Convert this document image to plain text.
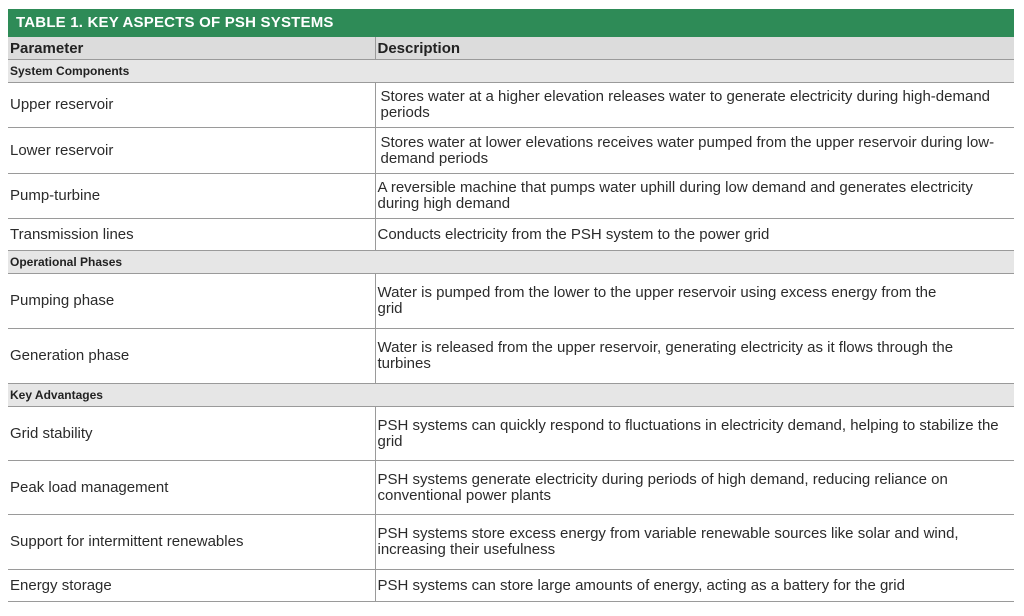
TABLE 1. KEY ASPECTS OF PSH SYSTEMS
Parameter	Description
System Components	
Upper reservoir	Stores water at a higher elevation releases water to generate electricity during high-demand periods
Lower reservoir	Stores water at lower elevations receives water pumped from the upper reservoir during low-demand periods
Pump-turbine	A reversible machine that pumps water uphill during low demand and generates electricity during high demand
Transmission lines	Conducts electricity from the PSH system to the power grid
Operational Phases	
Pumping phase	Water is pumped from the lower to the upper reservoir using excess energy from the grid
Generation phase	Water is released from the upper reservoir, generating electricity as it flows through the turbines
Key Advantages	
Grid stability	PSH systems can quickly respond to fluctuations in electricity demand, helping to stabilize the grid
Peak load management	PSH systems generate electricity during periods of high demand, reducing reliance on conventional power plants
Support for intermittent renewables	PSH systems store excess energy from variable renewable sources like solar and wind, increasing their usefulness
Energy storage	PSH systems can store large amounts of energy, acting as a battery for the grid
